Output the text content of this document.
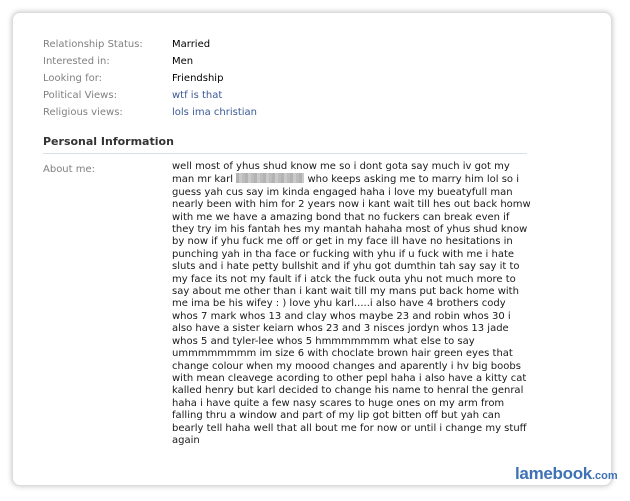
Relationship Status:	Married
Interested in:	Men
Looking for:	Friendship
Political Views:	wtf is that
Religious views:	lols ima christian
Personal Information
About me:	well most of yhus shud know me so i dont gota say much iv got my
man mr karl	who keeps asking me to marry him lol so i
guess yah cus say im kinda engaged haha i love my bueatyfull man
nearly been with him for 2 years now i kant wait till hes out back homw
with me we have a amazing bond that no fuckers can break even if
they try im his fantah hes my mantah hahaha most of yhus shud know
by now if yhu fuck me off or get in my face ill have no hesitations in
punching yah in tha face or fucking with yhu if u fuck with me i hate
sluts and i hate petty bullshit and if yhu got dumthin tah say say it to
my face its not my fault if i atck the fuck outa yhu not much more to
say about me other than i kant wait till my mans put back home with
me ima be his wifey : ) love yhu karl.....i also have 4 brothers cody
whos 7 mark whos 13 and clay whos maybe 23 and robin whos 30 i
also have a sister keiarn whos 23 and 3 nisces jordyn whos 13 jade
whos 5 and tyler-lee whos 5 hmmmmmmm what else to say
ummmmmmmm im size 6 with choclate brown hair green eyes that
change colour when my moood changes and aparently i hv big boobs
with mean cleavege acording to other pepl haha i also have a kitty cat
kalled henry but karl decided to change his name to henral the genral
haha i have quite a few nasy scares to huge ones on my arm from
falling thru a window and part of my lip got bitten off but yah can
bearly tell haha well that all bout me for now or until i change my stuff
again
lamebook.com
